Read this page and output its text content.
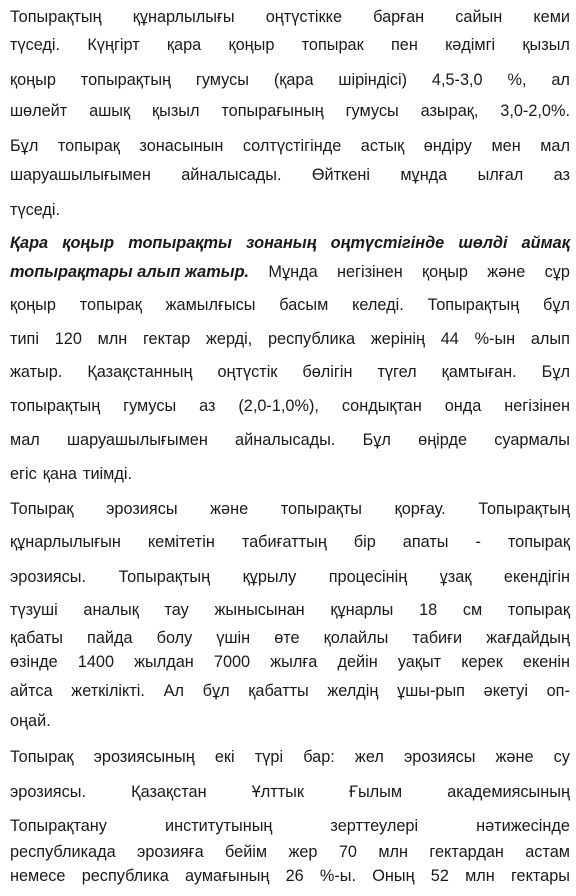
Топырақтың құнарлылығы оңтүстікке барған сайын кеми
түседі. Күңгірт қара қоңыр топырак пен кәдімгі қызыл
қоңыр топырақтың гумусы (қара шіріндісі) 4,5-3,0 %, ал
шөлейт ашық қызыл топырағының гумусы азырақ, 3,0-2,0%.
Бұл топырақ зонасынын солтүстігінде астық өндіру мен мал
шаруашылығымен айналысады. Өйткені мұнда ылғал аз
түседі.
Қара қоңыр топырақты зонаның оңтүстігінде шөлді аймақ
топырақтары алып жатыр. Мұнда негізінен қоңыр және сұр
қоңыр топырақ жамылғысы басым келеді. Топырақтың бұл
типі 120 млн гектар жерді, республика жерінің 44 %-ын алып
жатыр. Қазақстанның оңтүстік бөлігін түгел қамтыған. Бұл
топырақтың гумусы аз (2,0-1,0%), сондықтан онда негізінен
мал шаруашылығымен айналысады. Бұл өңірде суармалы
егіс қана тиімді.
Топырақ эрозиясы және топырақты қорғау. Топырақтың
құнарлылығын кемітетін табиғаттың бір апаты - топырақ
эрозиясы. Топырақтың құрылу процесінің ұзақ екендігін
түзуші аналық тау жынысынан құнарлы 18 см топырақ
қабаты пайда болу үшін өте қолайлы табиғи жағдайдың
өзінде 1400 жылдан 7000 жылға дейін уақыт керек екенін
айтса жеткілікті. Ал бұл қабатты желдің ұшы-рып әкетуі оп-
оңай.
Топырақ эрозиясының екі түрі бар: жел эрозиясы және су
эрозиясы.	Қазақстан	Ұлттык	Ғылым	академиясының
Топырақтану	институтының	зерттеулері	нәтижесінде
республикада эрозияға бейім жер 70 млн гектардан астам
немесе республика аумағының 26 %-ы. Оның 52 млн гектары
